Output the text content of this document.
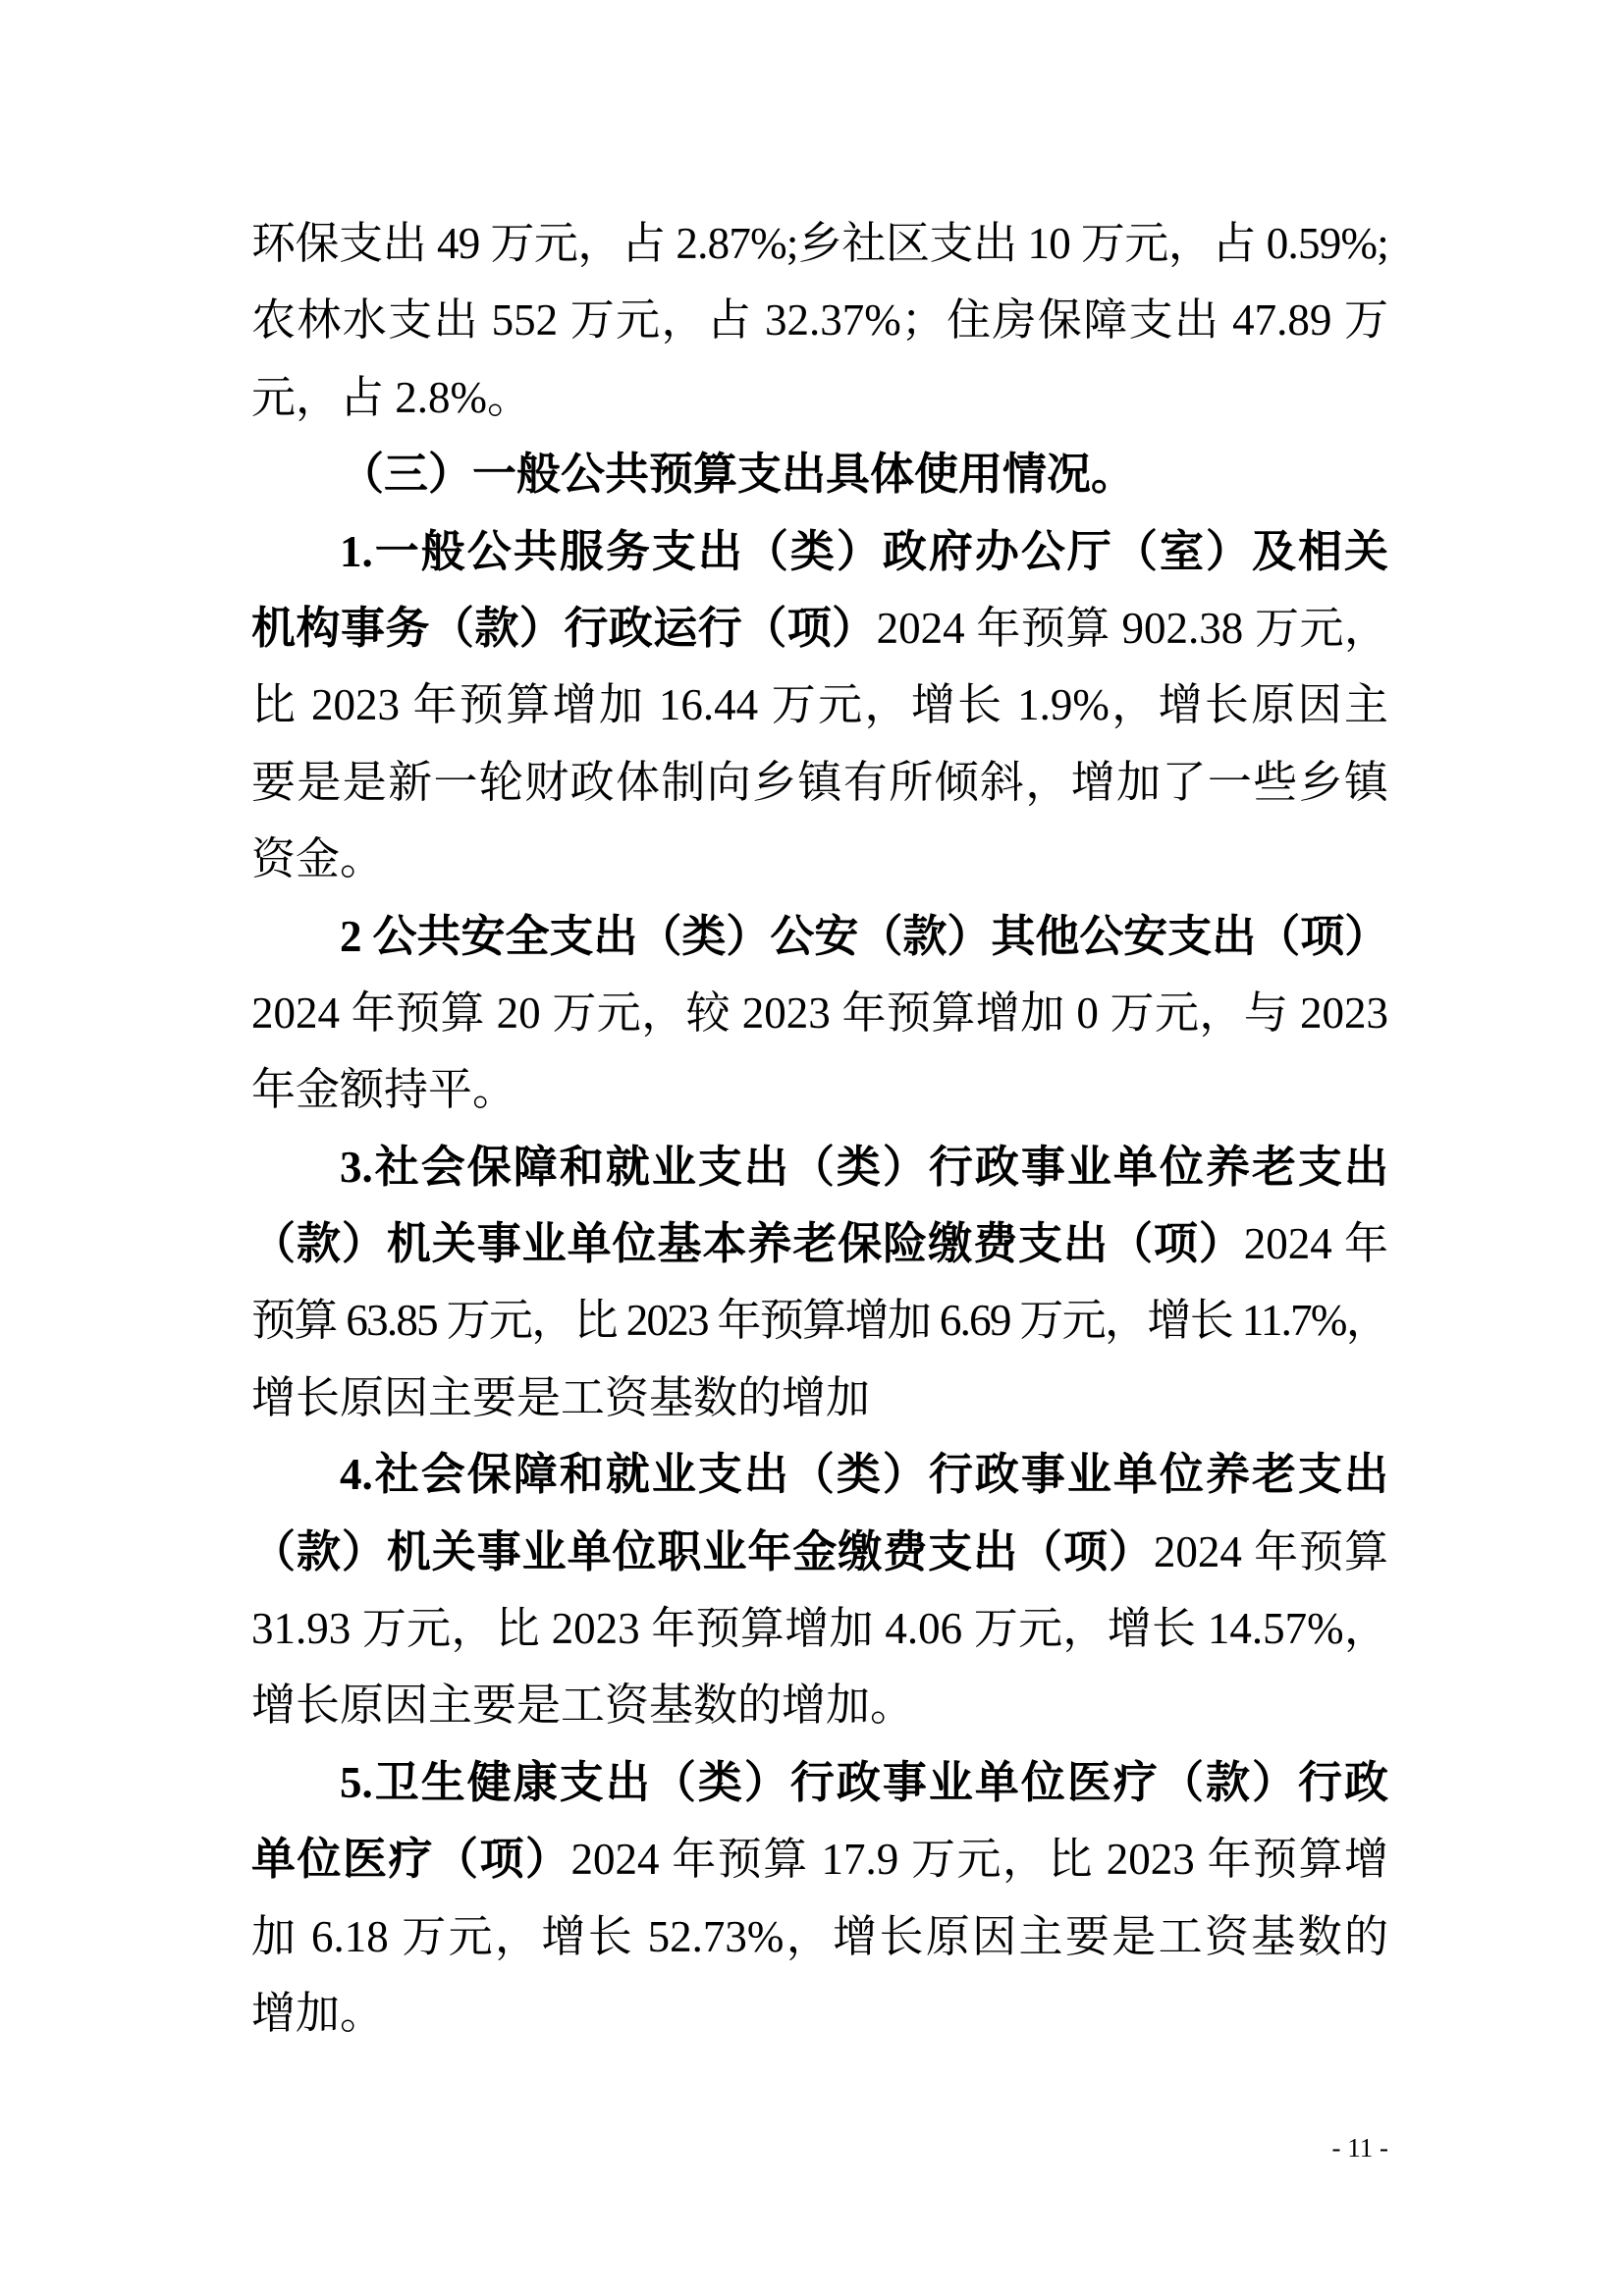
环保支出 49 万元，占 2.87%;乡社区支出 10 万元，占 0.59%;
农林水支出 552 万元，占 32.37%；住房保障支出 47.89 万
元，占 2.8%。
（三）一般公共预算支出具体使用情况。
1.一般公共服务支出（类）政府办公厅（室）及相关
机构事务（款）行政运行（项）2024 年预算 902.38 万元，
比 2023 年预算增加 16.44 万元，增长 1.9%，增长原因主
要是是新一轮财政体制向乡镇有所倾斜，增加了一些乡镇
资金。
2 公共安全支出（类）公安（款）其他公安支出（项）
2024 年预算 20 万元，较 2023 年预算增加 0 万元，与 2023
年金额持平。
3.社会保障和就业支出（类）行政事业单位养老支出
（款）机关事业单位基本养老保险缴费支出（项）2024 年
预算 63.85 万元，比 2023 年预算增加 6.69 万元，增长 11.7%，
增长原因主要是工资基数的增加
4.社会保障和就业支出（类）行政事业单位养老支出
（款）机关事业单位职业年金缴费支出（项）2024 年预算
31.93 万元，比 2023 年预算增加 4.06 万元，增长 14.57%，
增长原因主要是工资基数的增加。
5.卫生健康支出（类）行政事业单位医疗（款）行政
单位医疗（项）2024 年预算 17.9 万元，比 2023 年预算增
加 6.18 万元，增长 52.73%，增长原因主要是工资基数的
增加。
- 11 -
